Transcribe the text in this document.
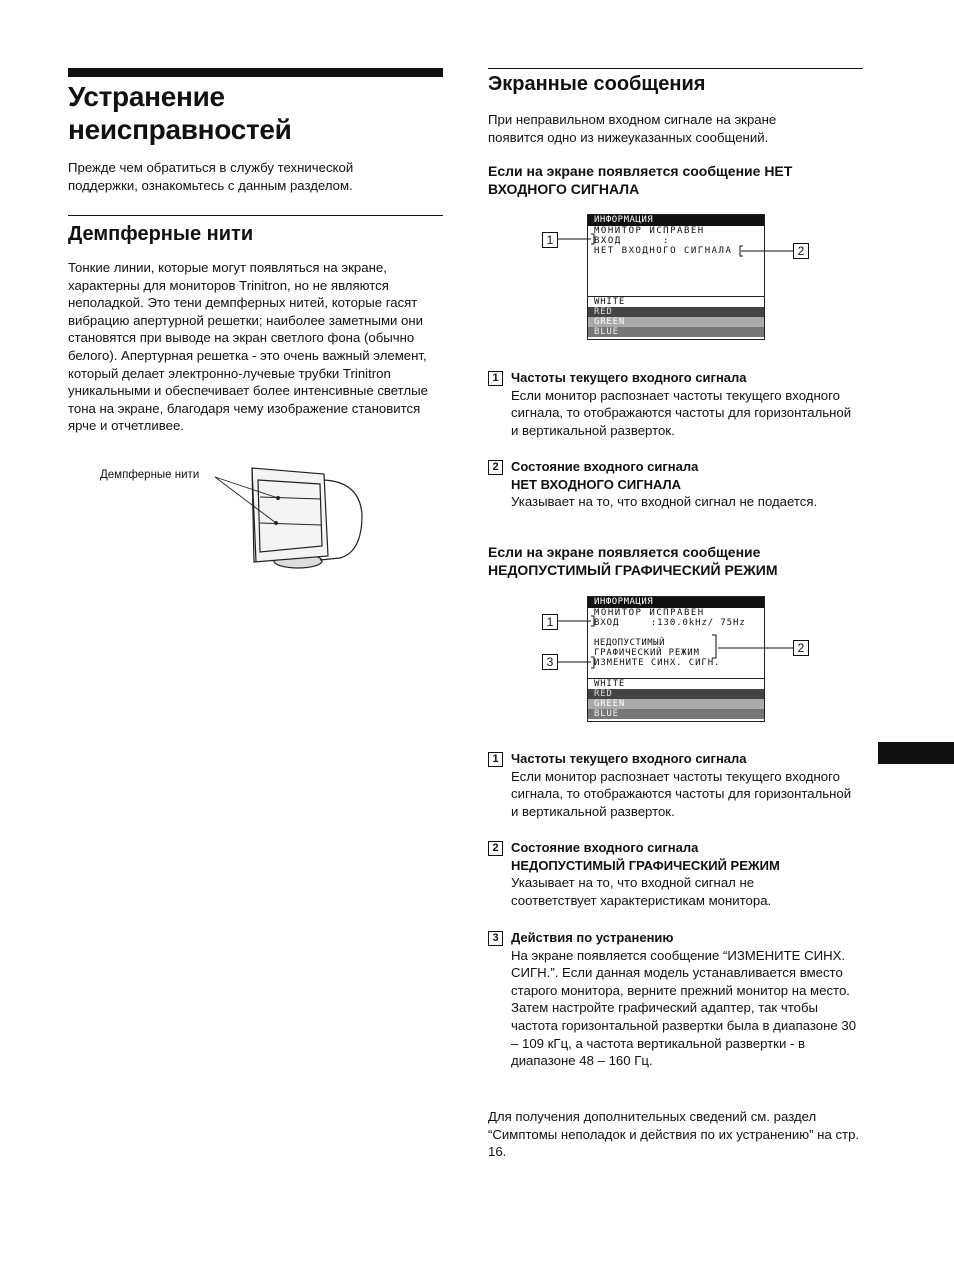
Устранение
неисправностей

Прежде чем обратиться в службу технической поддержки, ознакомьтесь с данным разделом.

Демпферные нити

Тонкие линии, которые могут появляться на экране, характерны для мониторов Trinitron, но не являются неполадкой. Это тени демпферных нитей, которые гасят вибрацию апертурной решетки; наиболее заметными они становятся при выводе на экран светлого фона (обычно белого). Апертурная решетка - это очень важный элемент, который делает электронно-лучевые трубки Trinitron уникальными и обеспечивает более интенсивные светлые тона на экране, благодаря чему изображение становится ярче и отчетливее.

Демпферные нити
Экранные сообщения

При неправильном входном сигнале на экране появится одно из нижеуказанных сообщений.

Если на экране появляется сообщение НЕТ ВХОДНОГО СИГНАЛА
ИНФОРМАЦИЯ
МОНИТОР ИСПРАВЕН
ВХОД      :
НЕТ ВХОДНОГО СИГНАЛА
WHITE
RED
GREEN
BLUE
1
2
1 Частоты текущего входного сигнала
Если монитор распознает частоты текущего входного сигнала, то отображаются частоты для горизонтальной и вертикальной разверток.
2 Состояние входного сигнала
НЕТ ВХОДНОГО СИГНАЛА
Указывает на то, что входной сигнал не подается.
Если на экране появляется сообщение
НЕДОПУСТИМЫЙ ГРАФИЧЕСКИЙ РЕЖИМ
ИНФОРМАЦИЯ
МОНИТОР ИСПРАВЕН
ВХОД     :130.0kHz/ 75Hz
НЕДОПУСТИМЫЙ
ГРАФИЧЕСКИЙ РЕЖИМ
ИЗМЕНИТЕ СИНХ. СИГН.
WHITE
RED
GREEN
BLUE
1
2
3
1 Частоты текущего входного сигнала
Если монитор распознает частоты текущего входного сигнала, то отображаются частоты для горизонтальной и вертикальной разверток.
2 Состояние входного сигнала
НЕДОПУСТИМЫЙ ГРАФИЧЕСКИЙ РЕЖИМ
Указывает на то, что входной сигнал не соответствует характеристикам монитора.
3 Действия по устранению
На экране появляется сообщение “ИЗМЕНИТЕ СИНХ. СИГН.”. Если данная модель устанавливается вместо старого монитора, верните прежний монитор на место. Затем настройте графический адаптер, так чтобы частота горизонтальной развертки была в диапазоне 30 – 109 кГц, а частота вертикальной развертки - в диапазоне 48 – 160 Гц.

Для получения дополнительных сведений см. раздел “Симптомы неполадок и действия по их устранению” на стр. 16.
